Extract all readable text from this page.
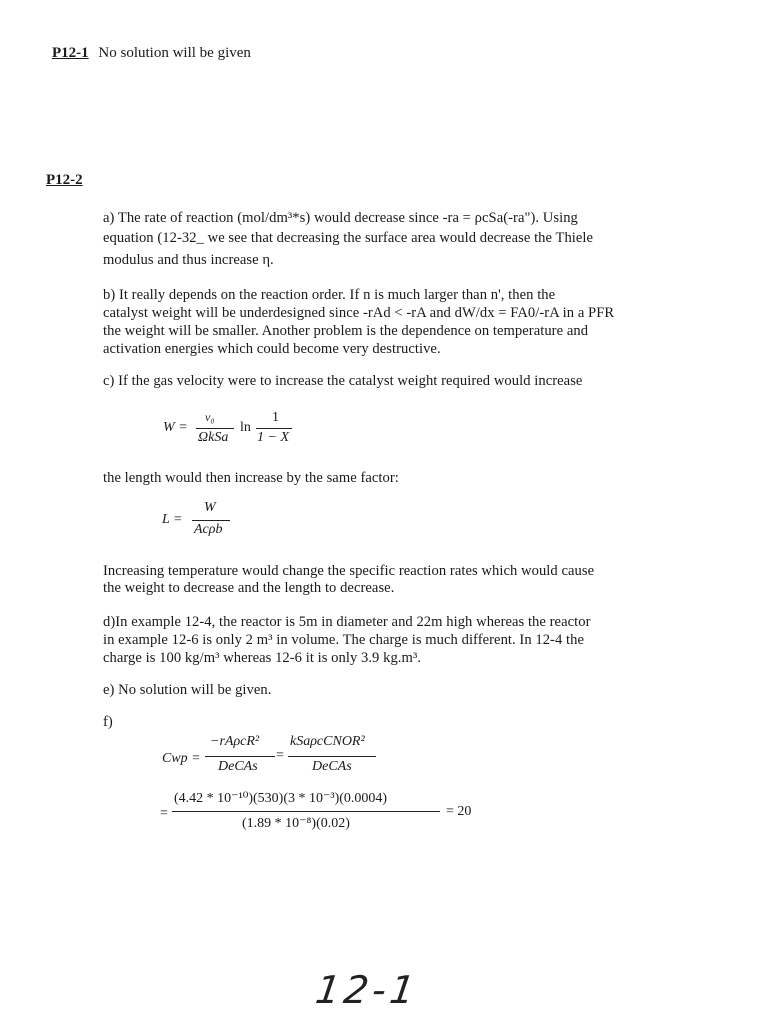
P12-1 No solution will be given
P12-2
a) The rate of reaction (mol/dm³*s) would decrease since -ra = ρcSa(-ra"). Using
equation (12-32_ we see that decreasing the surface area would decrease the Thiele
modulus and thus increase η.
b) It really depends on the reaction order. If n is much larger than n', then the
catalyst weight will be underdesigned since -rAd < -rA and dW/dx = FA0/-rA in a PFR
the weight will be smaller. Another problem is the dependence on temperature and
activation energies which could become very destructive.
c) If the gas velocity were to increase the catalyst weight required would increase
W =
v₀
ΩkSa
ln
1
1 − X
the length would then increase by the same factor:
L =
W
Acρb
Increasing temperature would change the specific reaction rates which would cause
the weight to decrease and the length to decrease.
d)In example 12-4, the reactor is 5m in diameter and 22m high whereas the reactor
in example 12-6 is only 2 m³ in volume. The charge is much different. In 12-4 the
charge is 100 kg/m³ whereas 12-6 it is only 3.9 kg.m³.
e) No solution will be given.
f)
Cwp =
−rAρcR²
DeCAs
=
kSaρcCNOR²
DeCAs
=
(4.42 * 10⁻¹⁰)(530)(3 * 10⁻³)(0.0004)
(1.89 * 10⁻⁸)(0.02)
= 20
12-1
